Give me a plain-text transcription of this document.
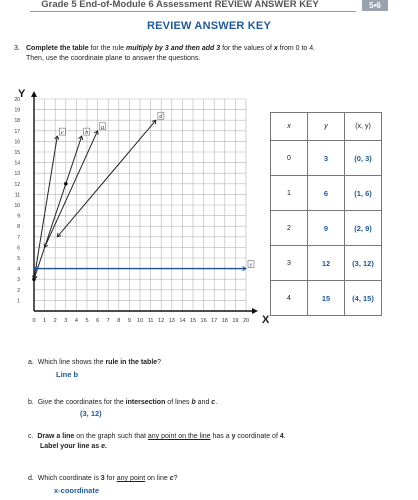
Grade 5 End-of-Module 6 Assessment REVIEW ANSWER KEY	5•6
REVIEW ANSWER KEY
3. Complete the table for the rule multiply by 3 and then add 3 for the values of x from 0 to 4.
Then, use the coordinate plane to answer the questions.
0 1 2 3 4 5 6 7 8 9 10 11 12 13 14 15 16 17 18 19 20
1
2
3
4
5
6
7
8
9
10
11
12
13
14
15
16
17
18
19
20
b
c
a
d
e
X
Y
x	y	(x, y)
0	3	(0, 3)
1	6	(1, 6)
2	9	(2, 9)
3	12	(3, 12)
4	15	(4, 15)
a. Which line shows the rule in the table?
Line b
b. Give the coordinates for the intersection of lines b and c.
(3, 12)
c. Draw a line on the graph such that any point on the line has a y coordinate of 4.
Label your line as e.
d. Which coordinate is 3 for any point on line c?
x-coordinate
